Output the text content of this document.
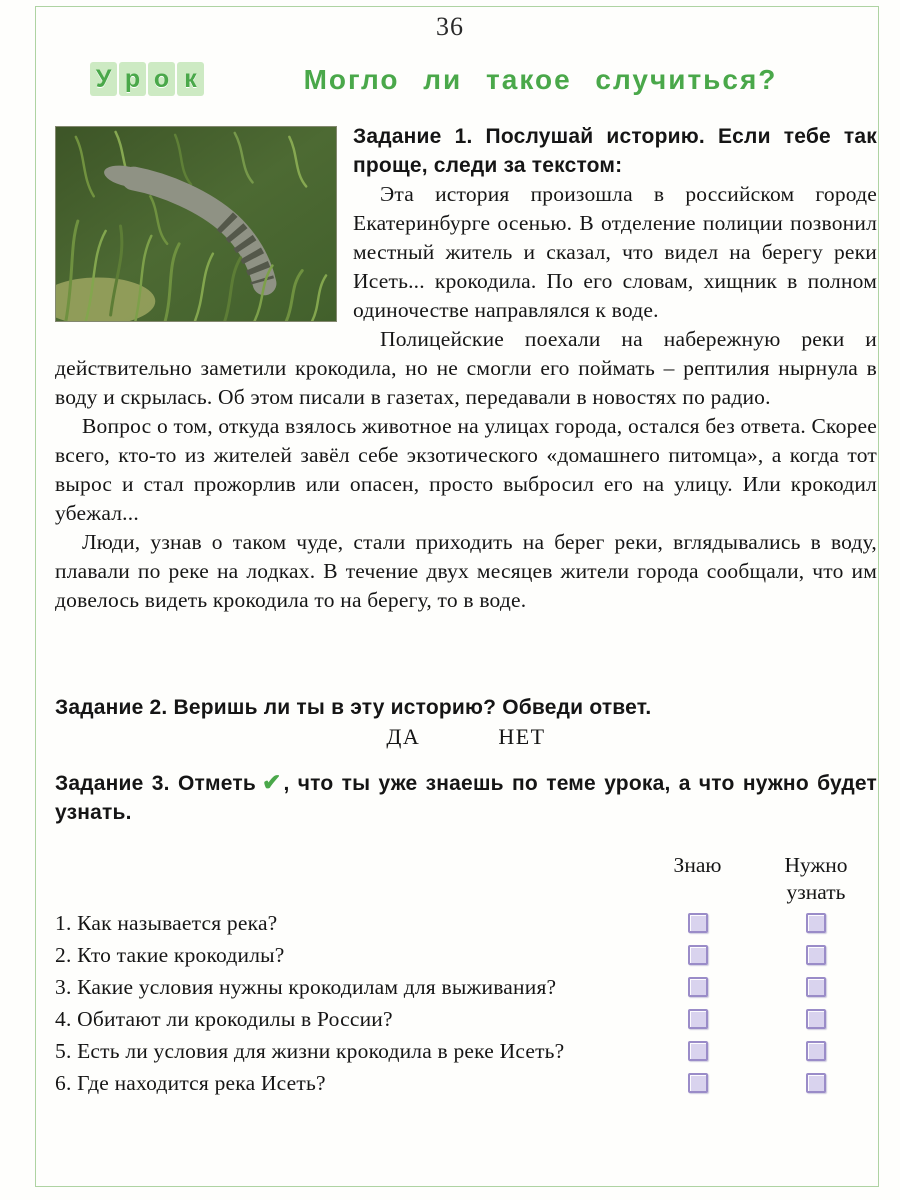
36
У р о к	Могло ли такое случиться?

Задание 1. Послушай историю. Если тебе так проще, следи за текстом:

Эта история произошла в российском городе Екатеринбурге осенью. В отделение полиции позвонил местный житель и сказал, что видел на берегу реки Исеть... крокодила. По его словам, хищник в полном одиночестве направлялся к воде.

Полицейские поехали на набережную реки и действительно заметили крокодила, но не смогли его поймать – рептилия нырнула в воду и скрылась. Об этом писали в газетах, передавали в новостях по радио.

Вопрос о том, откуда взялось животное на улицах города, остался без ответа. Скорее всего, кто-то из жителей завёл себе экзотического «домашнего питомца», а когда тот вырос и стал прожорлив или опасен, просто выбросил его на улицу. Или крокодил убежал...

Люди, узнав о таком чуде, стали приходить на берег реки, вглядывались в воду, плавали по реке на лодках. В течение двух месяцев жители города сообщали, что им довелось видеть крокодила то на берегу, то в воде.

Задание 2. Веришь ли ты в эту историю? Обведи ответ.

ДА	НЕТ

Задание 3. Отметь ✔, что ты уже знаешь по теме урока, а что нужно будет узнать.

Знаю	Нужно узнать
1. Как называется река?
2. Кто такие крокодилы?
3. Какие условия нужны крокодилам для выживания?
4. Обитают ли крокодилы в России?
5. Есть ли условия для жизни крокодила в реке Исеть?
6. Где находится река Исеть?
